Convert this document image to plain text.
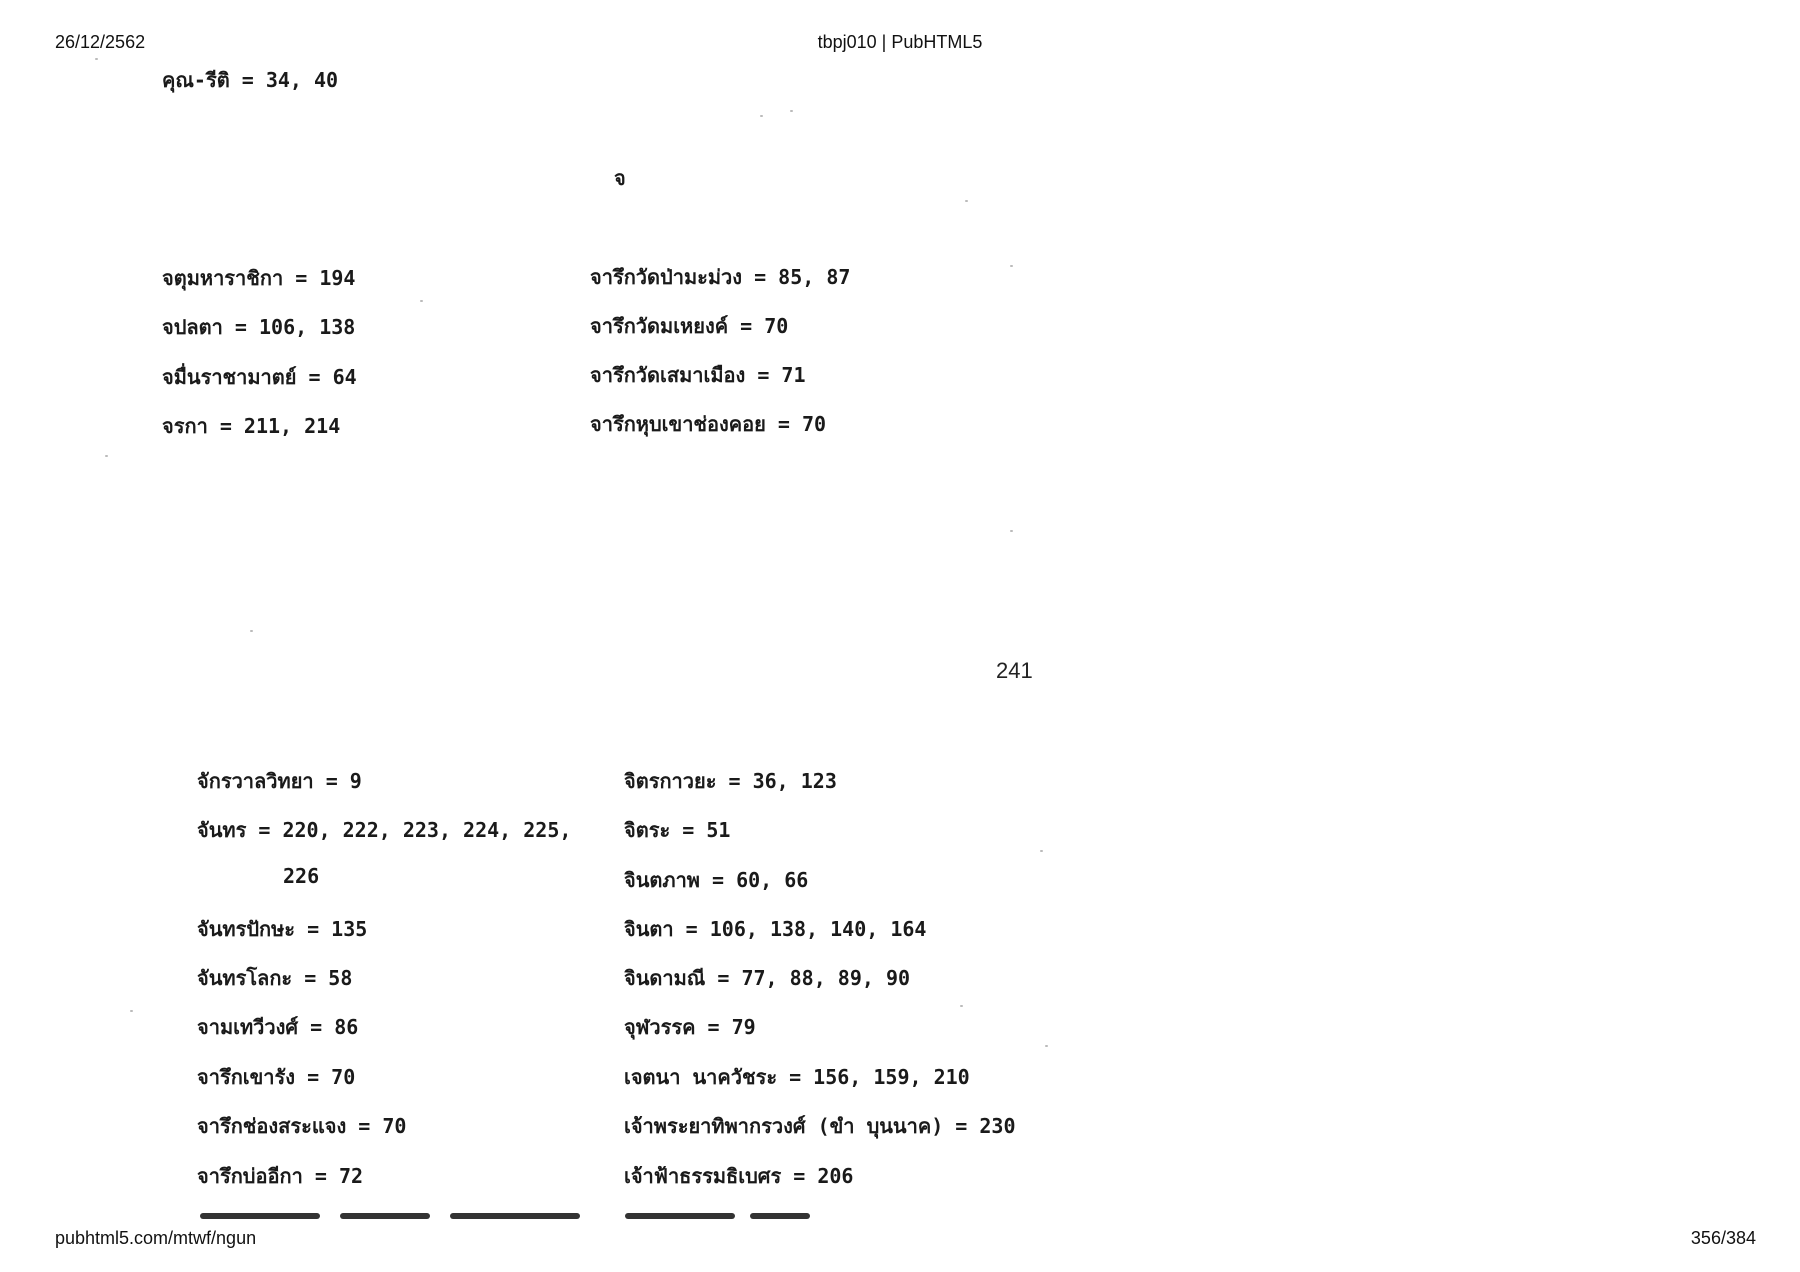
26/12/2562	tbpj010 | PubHTML5
คุณ-รีติ = 34, 40
จ
จตุมหาราชิกา = 194
จปลตา = 106, 138
จมื่นราชามาตย์ = 64
จรกา = 211, 214
จารึกวัดป่ามะม่วง = 85, 87
จารึกวัดมเหยงค์ = 70
จารึกวัดเสมาเมือง = 71
จารึกหุบเขาช่องคอย = 70
241
จักรวาลวิทยา = 9
จันทร = 220, 222, 223, 224, 225,
226
จันทรปักษะ = 135
จันทรโลกะ = 58
จามเทวีวงศ์ = 86
จารึกเขารัง = 70
จารึกช่องสระแจง = 70
จารึกบ่ออีกา = 72
จิตรกาวยะ = 36, 123
จิตระ = 51
จินตภาพ = 60, 66
จินตา = 106, 138, 140, 164
จินดามณี = 77, 88, 89, 90
จุฬวรรค = 79
เจตนา นาควัชระ = 156, 159, 210
เจ้าพระยาทิพากรวงศ์ (ขำ บุนนาค) = 230
เจ้าฟ้าธรรมธิเบศร = 206
pubhtml5.com/mtwf/ngun	356/384
